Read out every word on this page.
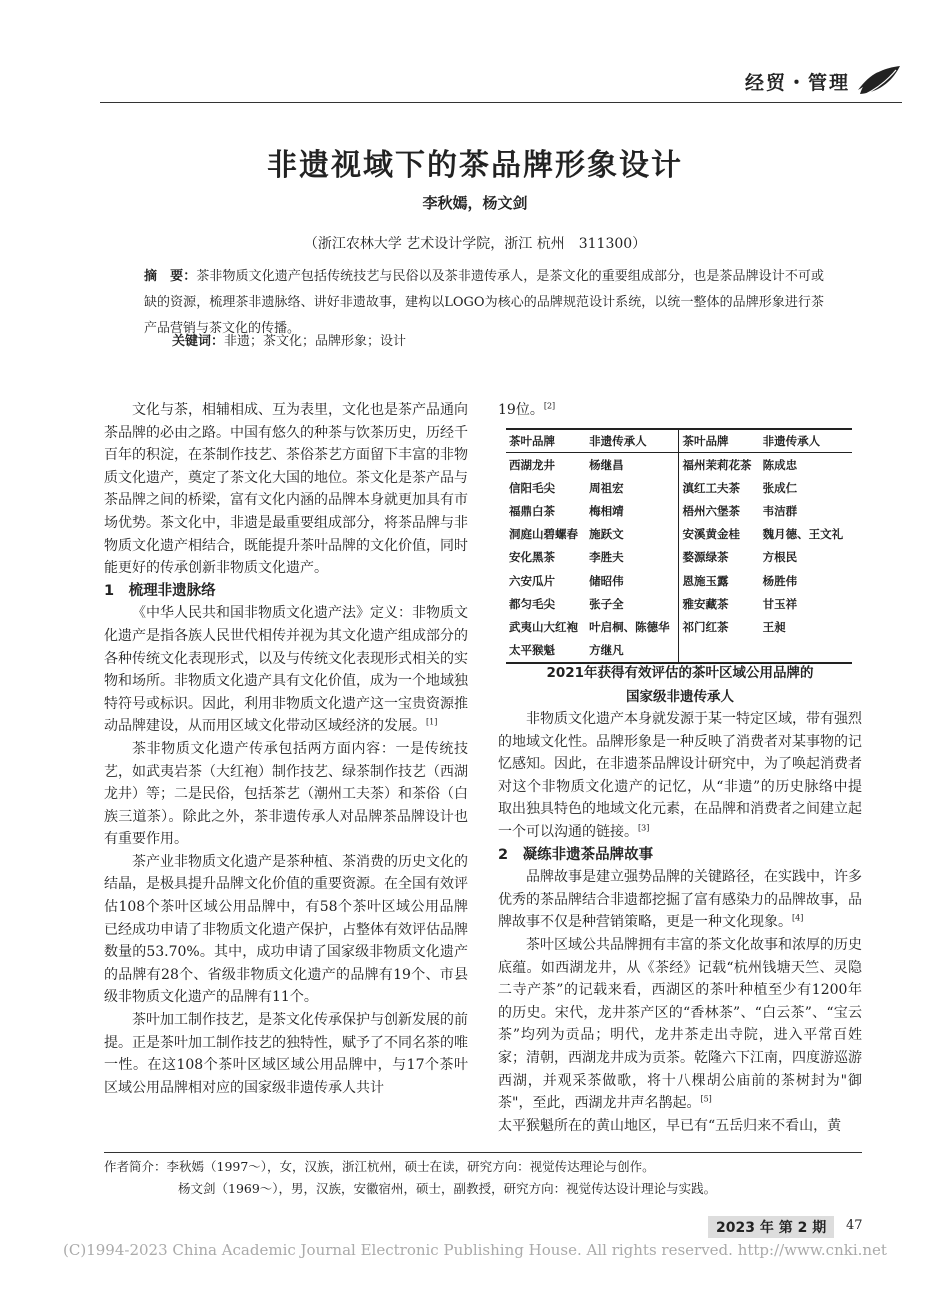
经贸・管理
非遗视域下的茶品牌形象设计
李秋嫣，杨文剑
（浙江农林大学 艺术设计学院，浙江 杭州　311300）
摘　要：茶非物质文化遗产包括传统技艺与民俗以及茶非遗传承人，是茶文化的重要组成部分，也是茶品牌设计不可或缺的资源，梳理茶非遗脉络、讲好非遗故事，建构以LOGO为核心的品牌规范设计系统，以统一整体的品牌形象进行茶产品营销与茶文化的传播。
关键词：非遗；茶文化；品牌形象；设计

文化与茶，相辅相成、互为表里，文化也是茶产品通向茶品牌的必由之路。中国有悠久的种茶与饮茶历史，历经千百年的积淀，在茶制作技艺、茶俗茶艺方面留下丰富的非物质文化遗产，奠定了茶文化大国的地位。茶文化是茶产品与茶品牌之间的桥梁，富有文化内涵的品牌本身就更加具有市场优势。茶文化中，非遗是最重要组成部分，将茶品牌与非物质文化遗产相结合，既能提升茶叶品牌的文化价值，同时能更好的传承创新非物质文化遗产。

1　梳理非遗脉络

《中华人民共和国非物质文化遗产法》定义：非物质文化遗产是指各族人民世代相传并视为其文化遗产组成部分的各种传统文化表现形式，以及与传统文化表现形式相关的实物和场所。非物质文化遗产具有文化价值，成为一个地域独特符号或标识。因此，利用非物质文化遗产这一宝贵资源推动品牌建设，从而用区域文化带动区域经济的发展。[1]

茶非物质文化遗产传承包括两方面内容：一是传统技艺，如武夷岩茶（大红袍）制作技艺、绿茶制作技艺（西湖龙井）等；二是民俗，包括茶艺（潮州工夫茶）和茶俗（白族三道茶）。除此之外，茶非遗传承人对品牌茶品牌设计也有重要作用。

茶产业非物质文化遗产是茶种植、茶消费的历史文化的结晶，是极具提升品牌文化价值的重要资源。在全国有效评估108个茶叶区域公用品牌中，有58个茶叶区域公用品牌已经成功申请了非物质文化遗产保护，占整体有效评估品牌数量的53.70%。其中，成功申请了国家级非物质文化遗产的品牌有28个、省级非物质文化遗产的品牌有19个、市县级非物质文化遗产的品牌有11个。

茶叶加工制作技艺，是茶文化传承保护与创新发展的前提。正是茶叶加工制作技艺的独特性，赋予了不同名茶的唯一性。在这108个茶叶区域区域公用品牌中，与17个茶叶区域公用品牌相对应的国家级非遗传承人共计

19位。[2]
茶叶品牌	非遗传承人	茶叶品牌	非遗传承人
西湖龙井	杨继昌	福州茉莉花茶	陈成忠
信阳毛尖	周祖宏	滇红工夫茶	张成仁
福鼎白茶	梅相靖	梧州六堡茶	韦洁群
洞庭山碧螺春	施跃文	安溪黄金桂	魏月德、王文礼
安化黑茶	李胜夫	婺源绿茶	方根民
六安瓜片	储昭伟	恩施玉露	杨胜伟
都匀毛尖	张子全	雅安藏茶	甘玉祥
武夷山大红袍	叶启桐、陈德华	祁门红茶	王昶
太平猴魁	方继凡		
2021年获得有效评估的茶叶区域公用品牌的
国家级非遗传承人

非物质文化遗产本身就发源于某一特定区域，带有强烈的地域文化性。品牌形象是一种反映了消费者对某事物的记忆感知。因此，在非遗茶品牌设计研究中，为了唤起消费者对这个非物质文化遗产的记忆，从“非遗”的历史脉络中提取出独具特色的地域文化元素，在品牌和消费者之间建立起一个可以沟通的链接。[3]

2　凝练非遗茶品牌故事

品牌故事是建立强势品牌的关键路径，在实践中，许多优秀的茶品牌结合非遗都挖掘了富有感染力的品牌故事，品牌故事不仅是种营销策略，更是一种文化现象。[4]

茶叶区域公共品牌拥有丰富的茶文化故事和浓厚的历史底蕴。如西湖龙井，从《茶经》记载“杭州钱塘天竺、灵隐二寺产茶”的记载来看，西湖区的茶叶种植至少有1200年的历史。宋代，龙井茶产区的“香林茶”、“白云茶”、“宝云茶”均列为贡品；明代，龙井茶走出寺院，进入平常百姓家；清朝，西湖龙井成为贡茶。乾隆六下江南，四度游巡游西湖，并观采茶做歌，将十八棵胡公庙前的茶树封为"御茶"，至此，西湖龙井声名鹊起。[5]

太平猴魁所在的黄山地区，早已有“五岳归来不看山，黄

作者简介：李秋嫣（1997～），女，汉族，浙江杭州，硕士在读，研究方向：视觉传达理论与创作。
杨文剑（1969～），男，汉族，安徽宿州，硕士，副教授，研究方向：视觉传达设计理论与实践。
2023 年 第 2 期	47
(C)1994-2023 China Academic Journal Electronic Publishing House. All rights reserved. http://www.cnki.net
